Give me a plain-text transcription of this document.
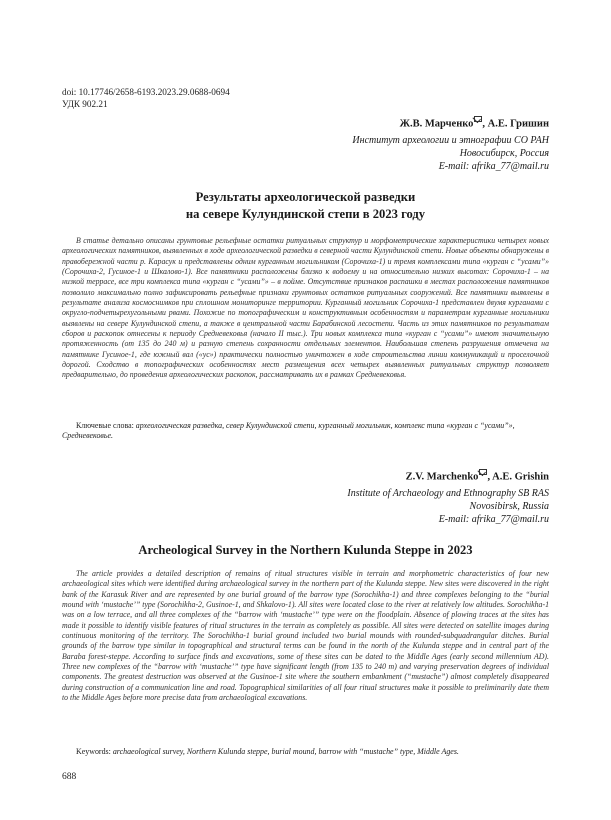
doi: 10.17746/2658-6193.2023.29.0688-0694
УДК 902.21
Ж.В. Марченко , А.Е. Гришин
Институт археологии и этнографии СО РАН
Новосибирск, Россия
E-mail: afrika_77@mail.ru
Результаты археологической разведки
на севере Кулундинской степи в 2023 году
В статье детально описаны грунтовые рельефные остатки ритуальных структур и морфометрические характеристики четырех новых археологических памятников, выявленных в ходе археологической разведки в северной части Кулундинской степи. Новые объекты обнаружены в правобережной части р. Карасук и представлены одним курганным могильником (Сорочиха-1) и тремя комплексами типа «курган с “усами”» (Сорочиха-2, Гусиное-1 и Шкалово-1). Все памятники расположены близко к водоему и на относительно низких высотах: Сорочиха-1 – на низкой террасе, все три комплекса типа «курган с “усами”» – в пойме. Отсутствие признаков распашки в местах расположения памятников позволило максимально полно зафиксировать рельефные признаки грунтовых остатков ритуальных сооружений. Все памятники выявлены в результате анализа космоснимков при сплошном мониторинге территории. Курганный могильник Сорочиха-1 представлен двумя курганами с округло-подчетырехугольными рвами. Похожие по топографическим и конструктивным особенностям и параметрам курганные могильники выявлены на севере Кулундинской степи, а также в центральной части Барабинской лесостепи. Часть из этих памятников по результатам сборов и раскопок отнесены к периоду Средневековья (начало II тыс.). Три новых комплекса типа «курган с “усами”» имеют значительную протяженность (от 135 до 240 м) и разную степень сохранности отдельных элементов. Наибольшая степень разрушения отмечена на памятнике Гусиное-1, где южный вал («ус») практически полностью уничтожен в ходе строительства линии коммуникаций и проселочной дорогой. Сходство в топографических особенностях мест размещения всех четырех выявленных ритуальных структур позволяет предварительно, до проведения археологических раскопок, рассматривать их в рамках Средневековья.
Ключевые слова: археологическая разведка, север Кулундинской степи, курганный могильник, комплекс типа «курган с “усами”», Средневековье.
Z.V. Marchenko , A.E. Grishin
Institute of Archaeology and Ethnography SB RAS
Novosibirsk, Russia
E-mail: afrika_77@mail.ru
Archeological Survey in the Northern Kulunda Steppe in 2023
The article provides a detailed description of remains of ritual structures visible in terrain and morphometric characteristics of four new archaeological sites which were identified during archaeological survey in the northern part of the Kulunda steppe. New sites were discovered in the right bank of the Karasuk River and are represented by one burial ground of the barrow type (Sorochikha-1) and three complexes belonging to the “burial mound with ‘mustache’” type (Sorochikha-2, Gusinoe-1, and Shkalovo-1). All sites were located close to the river at relatively low altitudes. Sorochikha-1 was on a low terrace, and all three complexes of the “barrow with ‘mustache’” type were on the floodplain. Absence of plowing traces at the sites has made it possible to identify visible features of ritual structures in the terrain as completely as possible. All sites were detected on satellite images during continuous monitoring of the territory. The Sorochikha-1 burial ground included two burial mounds with rounded-subquadrangular ditches. Burial grounds of the barrow type similar in topographical and structural terms can be found in the north of the Kulunda steppe and in central part of the Baraba forest-steppe. According to surface finds and excavations, some of these sites can be dated to the Middle Ages (early second millennium AD). Three new complexes of the “barrow with ‘mustache’” type have significant length (from 135 to 240 m) and varying preservation degrees of individual components. The greatest destruction was observed at the Gusinoe-1 site where the southern embankment (“mustache”) almost completely disappeared during construction of a communication line and road. Topographical similarities of all four ritual structures make it possible to preliminarily date them to the Middle Ages before more precise data from archaeological excavations.
Keywords: archaeological survey, Northern Kulunda steppe, burial mound, barrow with “mustache” type, Middle Ages.
688
